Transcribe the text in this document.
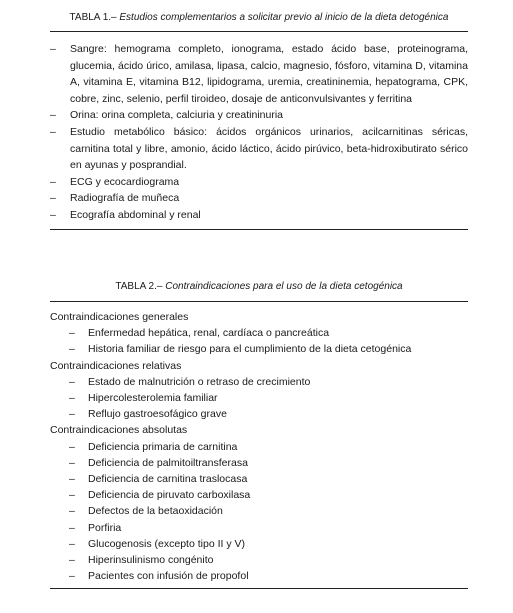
TABLA 1.– Estudios complementarios a solicitar previo al inicio de la dieta detogénica
– Sangre: hemograma completo, ionograma, estado ácido base, proteinograma, glucemia, ácido úrico, amilasa, lipasa, calcio, magnesio, fósforo, vitamina D, vitamina A, vitamina E, vitamina B12, lipidograma, uremia, creatininemia, hepatograma, CPK, cobre, zinc, selenio, perfil tiroideo, dosaje de anticonvulsivantes y ferritina
– Orina: orina completa, calciuria y creatininuria
– Estudio metabólico básico: ácidos orgánicos urinarios, acilcarnitinas séricas, carnitina total y libre, amonio, ácido láctico, ácido pirúvico, beta-hidroxibutirato sérico en ayunas y posprandial.
– ECG y ecocardiograma
– Radiografía de muñeca
– Ecografía abdominal y renal
TABLA 2.– Contraindicaciones para el uso de la dieta cetogénica
Contraindicaciones generales
– Enfermedad hepática, renal, cardíaca o pancreática
– Historia familiar de riesgo para el cumplimiento de la dieta cetogénica
Contraindicaciones relativas
– Estado de malnutrición o retraso de crecimiento
– Hipercolesterolemia familiar
– Reflujo gastroesofágico grave
Contraindicaciones absolutas
– Deficiencia primaria de carnitina
– Deficiencia de palmitoiltransferasa
– Deficiencia de carnitina traslocasa
– Deficiencia de piruvato carboxilasa
– Defectos de la betaoxidación
– Porfiria
– Glucogenosis (excepto tipo II y V)
– Hiperinsulinismo congénito
– Pacientes con infusión de propofol
